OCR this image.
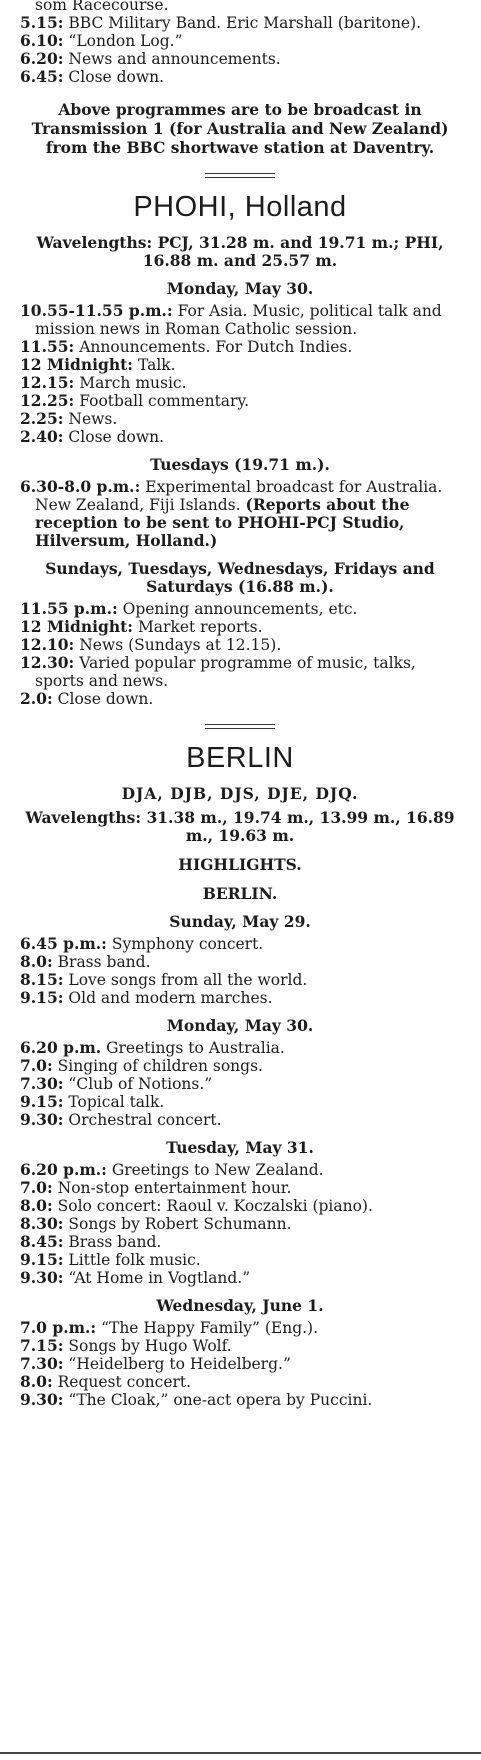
som Racecourse.

5.15: BBC Military Band. Eric Marshall (baritone).

6.10: “London Log.”

6.20: News and announcements.

6.45: Close down.

Above programmes are to be broadcast in Transmission 1 (for Australia and New Zealand) from the BBC shortwave station at Daventry.

PHOHI, Holland

Wavelengths: PCJ, 31.28 m. and 19.71 m.; PHI, 16.88 m. and 25.57 m.

Monday, May 30.

10.55-11.55 p.m.: For Asia. Music, political talk and mission news in Roman Catholic session.

11.55: Announcements. For Dutch Indies.

12 Midnight: Talk.

12.15: March music.

12.25: Football commentary.

2.25: News.

2.40: Close down.

Tuesdays (19.71 m.).

6.30-8.0 p.m.: Experimental broadcast for Australia. New Zealand, Fiji Islands. (Reports about the reception to be sent to PHOHI-PCJ Studio, Hilversum, Holland.)

Sundays, Tuesdays, Wednesdays, Fridays and Saturdays (16.88 m.).

11.55 p.m.: Opening announcements, etc.

12 Midnight: Market reports.

12.10: News (Sundays at 12.15).

12.30: Varied popular programme of music, talks, sports and news.

2.0: Close down.

BERLIN

DJA, DJB, DJS, DJE, DJQ.

Wavelengths: 31.38 m., 19.74 m., 13.99 m., 16.89 m., 19.63 m.

HIGHLIGHTS.

BERLIN.

Sunday, May 29.

6.45 p.m.: Symphony concert.

8.0: Brass band.

8.15: Love songs from all the world.

9.15: Old and modern marches.

Monday, May 30.

6.20 p.m. Greetings to Australia.

7.0: Singing of children songs.

7.30: “Club of Notions.”

9.15: Topical talk.

9.30: Orchestral concert.

Tuesday, May 31.

6.20 p.m.: Greetings to New Zealand.

7.0: Non-stop entertainment hour.

8.0: Solo concert: Raoul v. Koczalski (piano).

8.30: Songs by Robert Schumann.

8.45: Brass band.

9.15: Little folk music.

9.30: “At Home in Vogtland.”

Wednesday, June 1.

7.0 p.m.: “The Happy Family” (Eng.).

7.15: Songs by Hugo Wolf.

7.30: “Heidelberg to Heidelberg.”

8.0: Request concert.

9.30: “The Cloak,” one-act opera by Puccini.
